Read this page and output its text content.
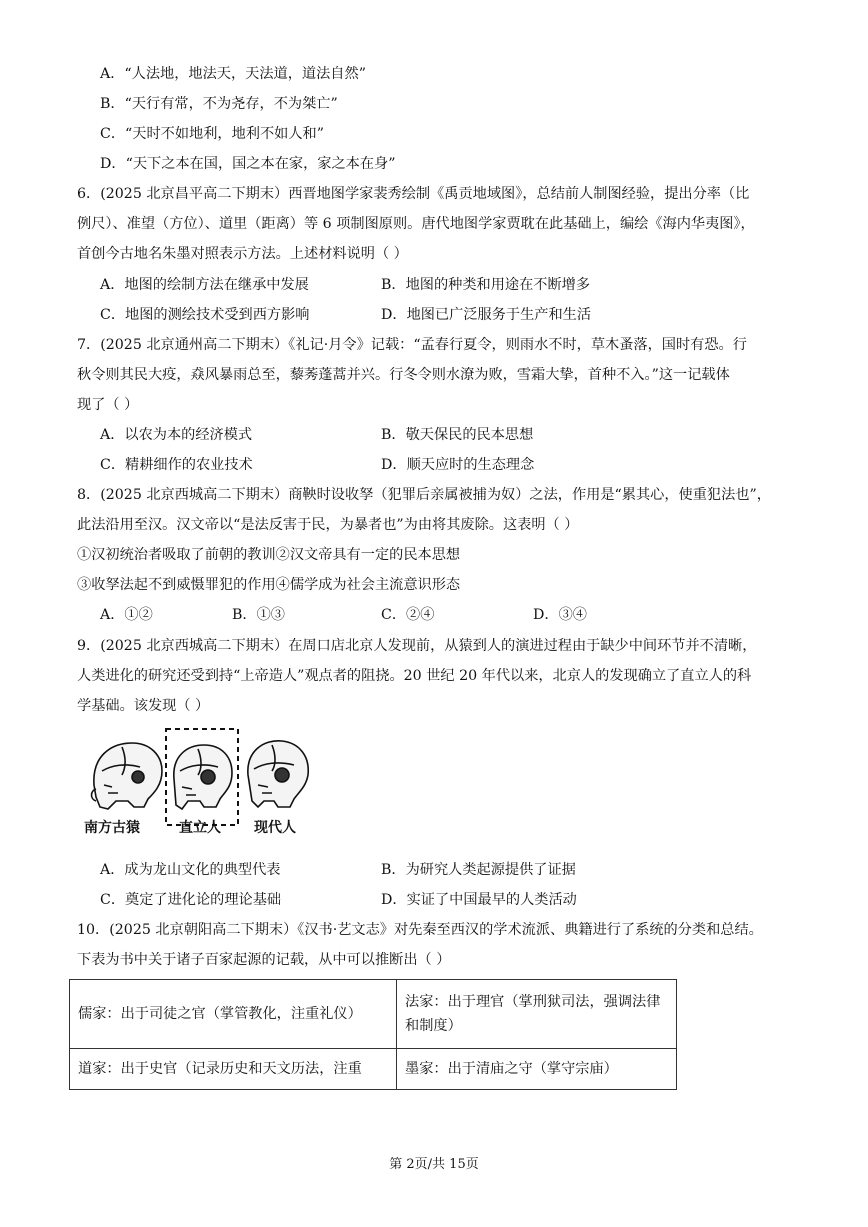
A．“人法地，地法天，天法道，道法自然”
B．“天行有常，不为尧存，不为桀亡”
C．“天时不如地利，地利不如人和”
D．“天下之本在国，国之本在家，家之本在身”
6．(2025 北京昌平高二下期末）西晋地图学家裴秀绘制《禹贡地域图》，总结前人制图经验，提出分率（比
例尺）、准望（方位）、道里（距离）等 6 项制图原则。唐代地图学家贾耽在此基础上，编绘《海内华夷图》，
首创今古地名朱墨对照表示方法。上述材料说明（ ）
A．地图的绘制方法在继承中发展	B．地图的种类和用途在不断增多
C．地图的测绘技术受到西方影响	D．地图已广泛服务于生产和生活
7．(2025 北京通州高二下期末）《礼记·月令》记载：“孟春行夏令，则雨水不时，草木蚤落，国时有恐。行
秋令则其民大疫，猋风暴雨总至，藜莠蓬蒿并兴。行冬令则水潦为败，雪霜大挚，首种不入。”这一记载体
现了（ ）
A．以农为本的经济模式	B．敬天保民的民本思想
C．精耕细作的农业技术	D．顺天应时的生态理念
8．(2025 北京西城高二下期末）商鞅时设收孥（犯罪后亲属被捕为奴）之法，作用是“累其心，使重犯法也”，
此法沿用至汉。汉文帝以“是法反害于民，为暴者也”为由将其废除。这表明（ ）
①汉初统治者吸取了前朝的教训②汉文帝具有一定的民本思想
③收孥法起不到威慑罪犯的作用④儒学成为社会主流意识形态
A．①②	B．①③	C．②④	D．③④
9．(2025 北京西城高二下期末）在周口店北京人发现前，从猿到人的演进过程由于缺少中间环节并不清晰，
人类进化的研究还受到持“上帝造人”观点者的阻挠。20 世纪 20 年代以来，北京人的发现确立了直立人的科
学基础。该发现（ ）
南方古猿	直立人 现代人
A．成为龙山文化的典型代表	B．为研究人类起源提供了证据
C．奠定了进化论的理论基础	D．实证了中国最早的人类活动
10．(2025 北京朝阳高二下期末）《汉书·艺文志》对先秦至西汉的学术流派、典籍进行了系统的分类和总结。
下表为书中关于诸子百家起源的记载，从中可以推断出（ ）
儒家：出于司徒之官（掌管教化，注重礼仪）	法家：出于理官（掌刑狱司法，强调法律和制度）
道家：出于史官（记录历史和天文历法，注重	墨家：出于清庙之守（掌守宗庙）
第 2页/共 15页
